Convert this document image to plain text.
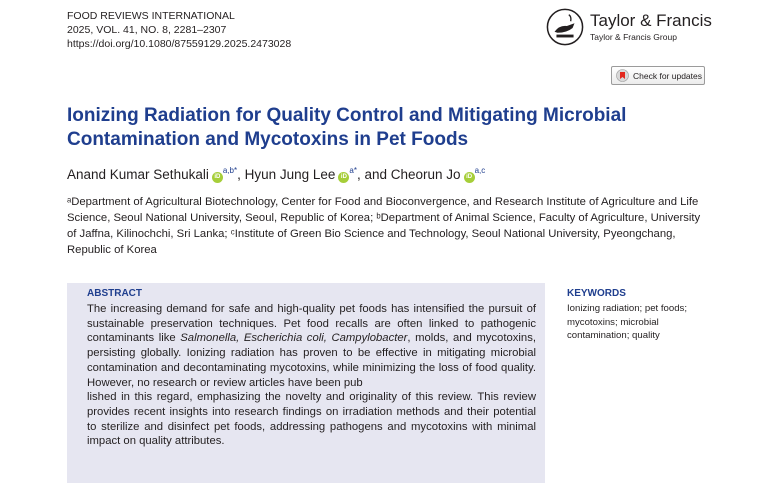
FOOD REVIEWS INTERNATIONAL
2025, VOL. 41, NO. 8, 2281–2307
https://doi.org/10.1080/87559129.2025.2473028
Taylor & Francis
Taylor & Francis Group
Check for updates
Ionizing Radiation for Quality Control and Mitigating Microbial Contamination and Mycotoxins in Pet Foods
Anand Kumar Sethukali $iD^{a,b*}$, Hyun Jung Lee $iD^{a*}$, and Cheorun Jo iD$^{a,c}$
ᵃDepartment of Agricultural Biotechnology, Center for Food and Bioconvergence, and Research Institute of Agriculture and Life Science, Seoul National University, Seoul, Republic of Korea; ᵇDepartment of Animal Science, Faculty of Agriculture, University of Jaffna, Kilinochchi, Sri Lanka; ᶜInstitute of Green Bio Science and Technology, Seoul National University, Pyeongchang, Republic of Korea
ABSTRACT

The increasing demand for safe and high-quality pet foods has intensified the pursuit of sustainable preservation techniques. Pet food recalls are often linked to pathogenic contaminants like Salmonella, Escherichia coli, Campylobacter, molds, and mycotoxins, persisting globally. Ionizing radiation has proven to be effective in mitigating microbial contamination and decontaminating mycotoxins, while minimizing the loss of food quality. However, no research or review articles have been pub

lished in this regard, emphasizing the novelty and originality of this review. This review provides recent insights into research findings on irradiation methods and their potential to sterilize and disinfect pet foods, addressing pathogens and mycotoxins with minimal impact on quality attributes.

KEYWORDS
Ionizing radiation; pet foods; mycotoxins; microbial contamination; quality
